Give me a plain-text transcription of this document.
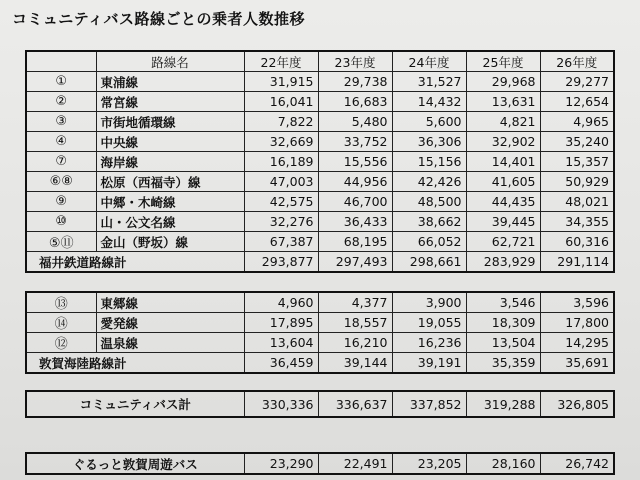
コミュニティバス路線ごとの乗者人数推移
	路線名	22年度	23年度	24年度	25年度	26年度
①	東浦線	31,915	29,738	31,527	29,968	29,277
②	常宮線	16,041	16,683	14,432	13,631	12,654
③	市街地循環線	7,822	5,480	5,600	4,821	4,965
④	中央線	32,669	33,752	36,306	32,902	35,240
⑦	海岸線	16,189	15,556	15,156	14,401	15,357
⑥⑧	松原（西福寺）線	47,003	44,956	42,426	41,605	50,929
⑨	中郷・木崎線	42,575	46,700	48,500	44,435	48,021
⑩	山・公文名線	32,276	36,433	38,662	39,445	34,355
⑤⑪	金山（野坂）線	67,387	68,195	66,052	62,721	60,316
福井鉄道路線計		293,877	297,493	298,661	283,929	291,114
⑬	東郷線	4,960	4,377	3,900	3,546	3,596
⑭	愛発線	17,895	18,557	19,055	18,309	17,800
⑫	温泉線	13,604	16,210	16,236	13,504	14,295
敦賀海陸路線計		36,459	39,144	39,191	35,359	35,691
コミュニティバス計	330,336	336,637	337,852	319,288	326,805
ぐるっと敦賀周遊バス	23,290	22,491	23,205	28,160	26,742
